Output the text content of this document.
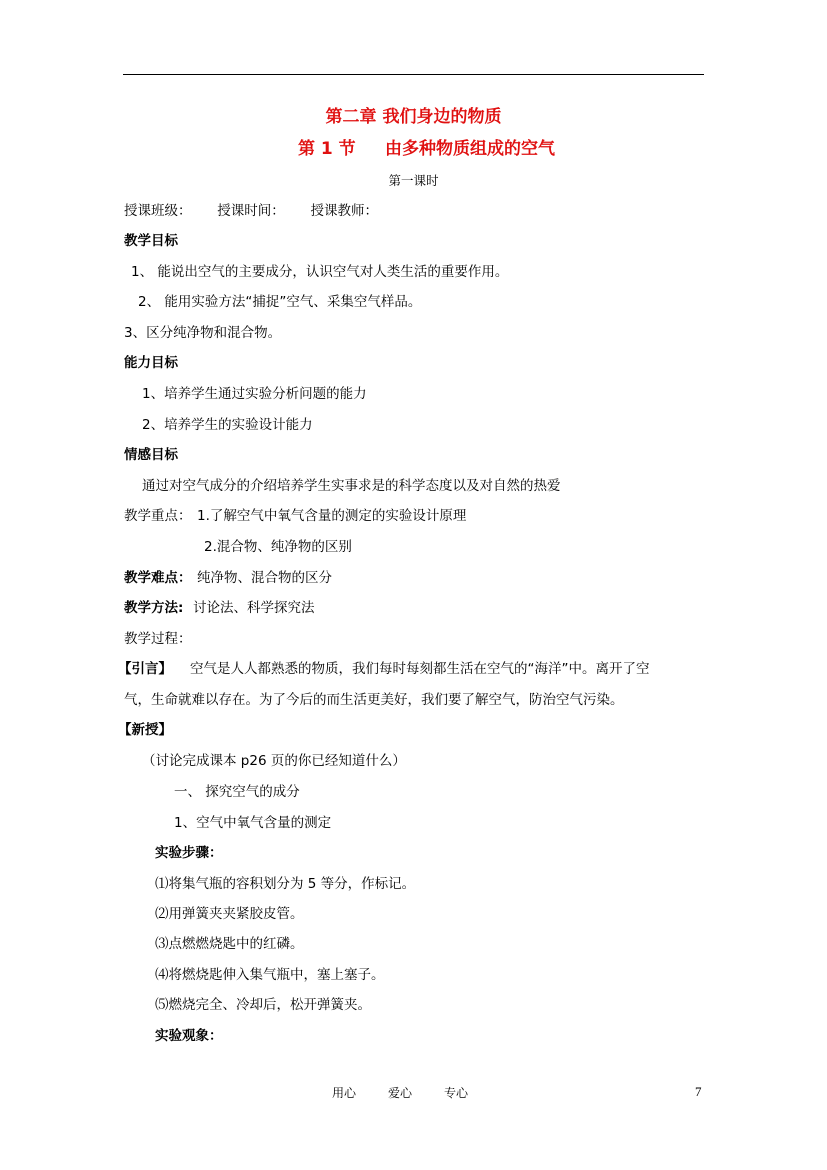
第二章 我们身边的物质
第 1 节 由多种物质组成的空气
第一课时
授课班级：      授课时间：      授课教师：
教学目标
1、 能说出空气的主要成分，认识空气对人类生活的重要作用。
2、 能用实验方法“捕捉”空气、采集空气样品。
3、区分纯净物和混合物。
能力目标
1、培养学生通过实验分析问题的能力
2、培养学生的实验设计能力
情感目标
通过对空气成分的介绍培养学生实事求是的科学态度以及对自然的热爱
教学重点： 1.了解空气中氧气含量的测定的实验设计原理
2.混合物、纯净物的区别
教学难点： 纯净物、混合物的区分
教学方法: 讨论法、科学探究法
教学过程：
【引言】 空气是人人都熟悉的物质，我们每时每刻都生活在空气的“海洋”中。离开了空
气，生命就难以存在。为了今后的而生活更美好，我们要了解空气，防治空气污染。
【新授】
（讨论完成课本 p26 页的你已经知道什么）
一、 探究空气的成分
1、空气中氧气含量的测定
实验步骤：
⑴将集气瓶的容积划分为 5 等分，作标记。
⑵用弹簧夹夹紧胶皮管。
⑶点燃燃烧匙中的红磷。
⑷将燃烧匙伸入集气瓶中，塞上塞子。
⑸燃烧完全、冷却后，松开弹簧夹。
实验观象：
用心	爱心	专心	7
